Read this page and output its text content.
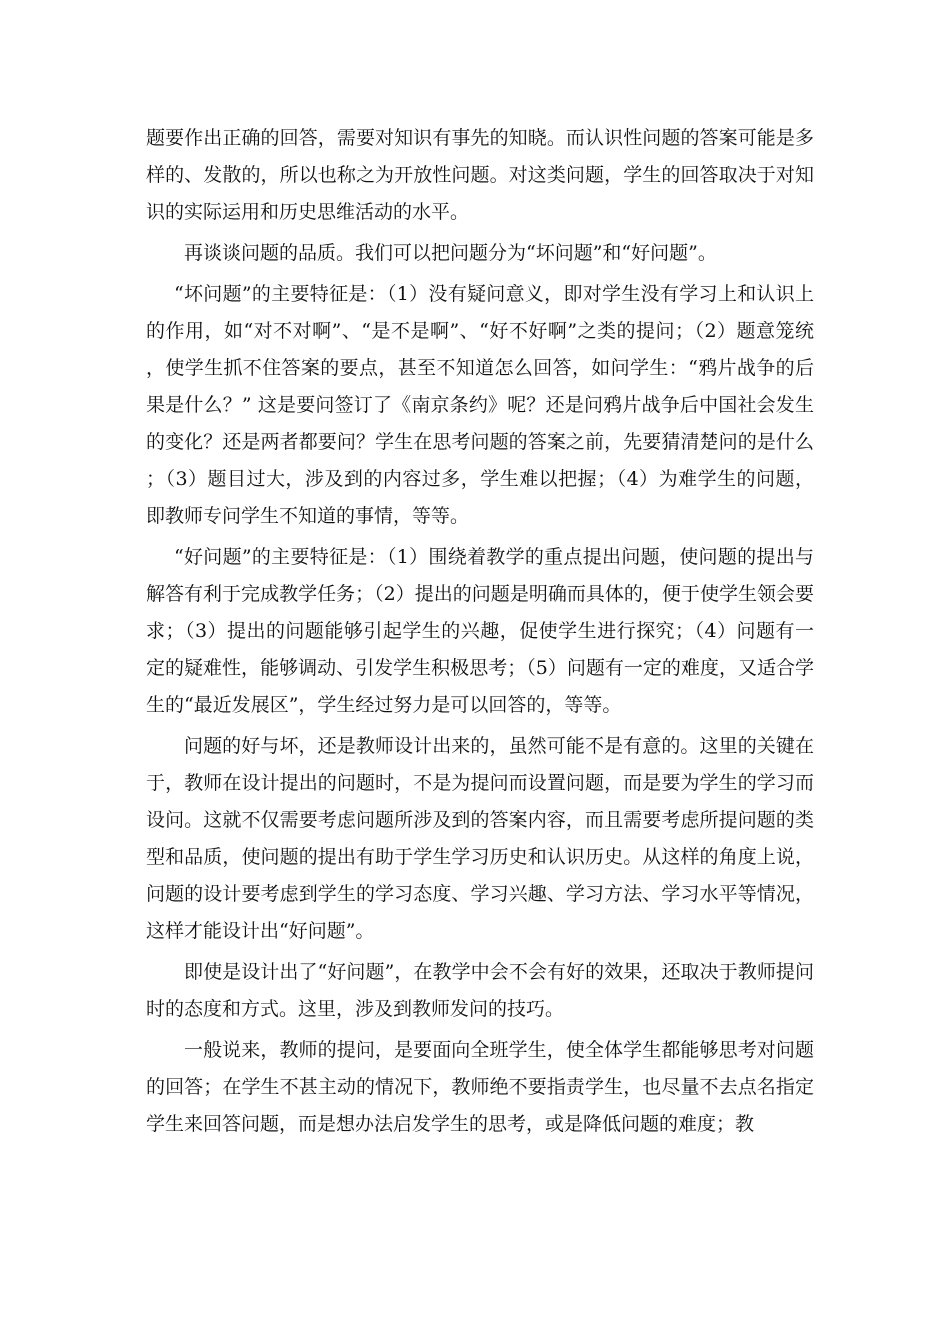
题要作出正确的回答，需要对知识有事先的知晓。而认识性问题的答案可能是多样的、发散的，所以也称之为开放性问题。对这类问题，学生的回答取决于对知识的实际运用和历史思维活动的水平。

再谈谈问题的品质。我们可以把问题分为“坏问题”和“好问题”。

“坏问题”的主要特征是：（1）没有疑问意义，即对学生没有学习上和认识上的作用，如“对不对啊”、“是不是啊”、“好不好啊”之类的提问；（2）题意笼统，使学生抓不住答案的要点，甚至不知道怎么回答，如问学生：“鸦片战争的后果是什么？” 这是要问签订了《南京条约》呢？还是问鸦片战争后中国社会发生的变化？还是两者都要问？学生在思考问题的答案之前，先要猜清楚问的是什么；（3）题目过大，涉及到的内容过多，学生难以把握；（4）为难学生的问题，即教师专问学生不知道的事情，等等。

“好问题”的主要特征是：（1）围绕着教学的重点提出问题，使问题的提出与解答有利于完成教学任务；（2）提出的问题是明确而具体的，便于使学生领会要求；（3）提出的问题能够引起学生的兴趣，促使学生进行探究；（4）问题有一定的疑难性，能够调动、引发学生积极思考；（5）问题有一定的难度，又适合学生的“最近发展区”，学生经过努力是可以回答的，等等。

问题的好与坏，还是教师设计出来的，虽然可能不是有意的。这里的关键在于，教师在设计提出的问题时，不是为提问而设置问题，而是要为学生的学习而设问。这就不仅需要考虑问题所涉及到的答案内容，而且需要考虑所提问题的类型和品质，使问题的提出有助于学生学习历史和认识历史。从这样的角度上说，问题的设计要考虑到学生的学习态度、学习兴趣、学习方法、学习水平等情况，这样才能设计出“好问题”。

即使是设计出了“好问题”，在教学中会不会有好的效果，还取决于教师提问时的态度和方式。这里，涉及到教师发问的技巧。

一般说来，教师的提问，是要面向全班学生，使全体学生都能够思考对问题的回答；在学生不甚主动的情况下，教师绝不要指责学生，也尽量不去点名指定学生来回答问题，而是想办法启发学生的思考，或是降低问题的难度；教
